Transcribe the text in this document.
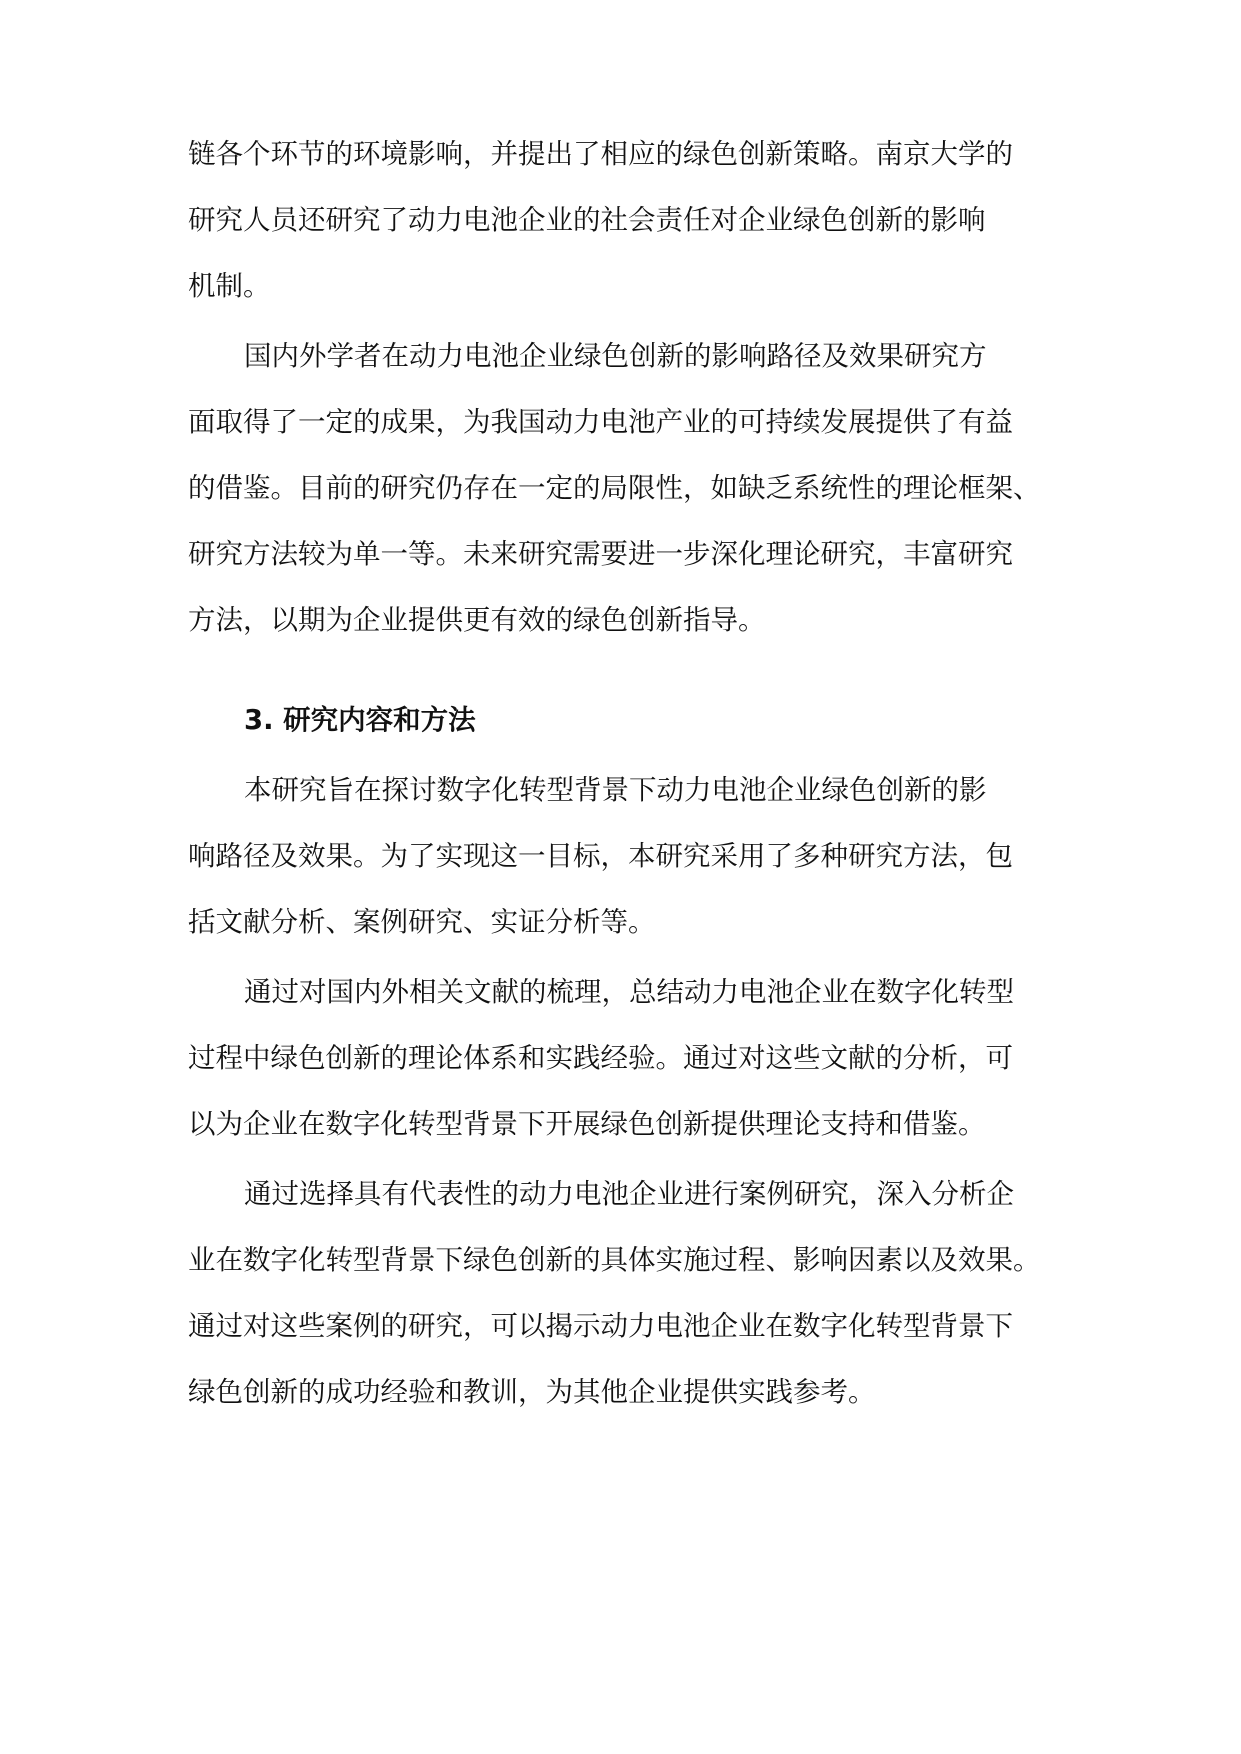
链各个环节的环境影响，并提出了相应的绿色创新策略。南京大学的
研究人员还研究了动力电池企业的社会责任对企业绿色创新的影响
机制。
国内外学者在动力电池企业绿色创新的影响路径及效果研究方
面取得了一定的成果，为我国动力电池产业的可持续发展提供了有益
的借鉴。目前的研究仍存在一定的局限性，如缺乏系统性的理论框架、
研究方法较为单一等。未来研究需要进一步深化理论研究，丰富研究
方法，以期为企业提供更有效的绿色创新指导。
3. 研究内容和方法
本研究旨在探讨数字化转型背景下动力电池企业绿色创新的影
响路径及效果。为了实现这一目标，本研究采用了多种研究方法，包
括文献分析、案例研究、实证分析等。
通过对国内外相关文献的梳理，总结动力电池企业在数字化转型
过程中绿色创新的理论体系和实践经验。通过对这些文献的分析，可
以为企业在数字化转型背景下开展绿色创新提供理论支持和借鉴。
通过选择具有代表性的动力电池企业进行案例研究，深入分析企
业在数字化转型背景下绿色创新的具体实施过程、影响因素以及效果。
通过对这些案例的研究，可以揭示动力电池企业在数字化转型背景下
绿色创新的成功经验和教训，为其他企业提供实践参考。
